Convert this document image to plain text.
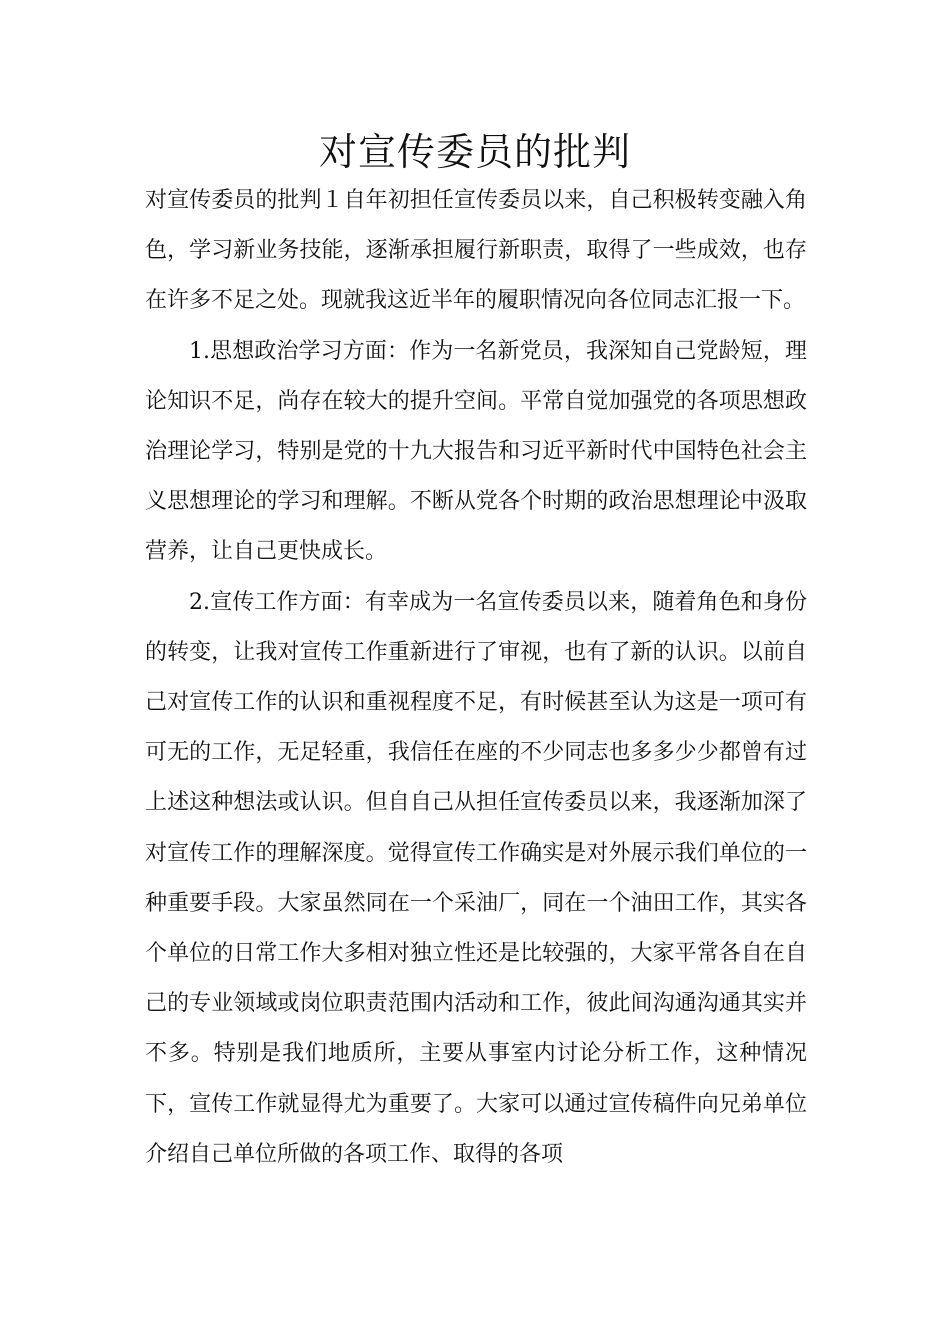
对宣传委员的批判

对宣传委员的批判１自年初担任宣传委员以来，自己积极转变融入角色，学习新业务技能，逐渐承担履行新职责，取得了一些成效，也存在许多不足之处。现就我这近半年的履职情况向各位同志汇报一下。

1.思想政治学习方面：作为一名新党员，我深知自己党龄短，理论知识不足，尚存在较大的提升空间。平常自觉加强党的各项思想政治理论学习，特别是党的十九大报告和习近平新时代中国特色社会主义思想理论的学习和理解。不断从党各个时期的政治思想理论中汲取营养，让自己更快成长。

2.宣传工作方面：有幸成为一名宣传委员以来，随着角色和身份的转变，让我对宣传工作重新进行了审视，也有了新的认识。以前自己对宣传工作的认识和重视程度不足，有时候甚至认为这是一项可有可无的工作，无足轻重，我信任在座的不少同志也多多少少都曾有过上述这种想法或认识。但自自己从担任宣传委员以来，我逐渐加深了对宣传工作的理解深度。觉得宣传工作确实是对外展示我们单位的一种重要手段。大家虽然同在一个采油厂，同在一个油田工作，其实各个单位的日常工作大多相对独立性还是比较强的，大家平常各自在自己的专业领域或岗位职责范围内活动和工作，彼此间沟通沟通其实并不多。特别是我们地质所，主要从事室内讨论分析工作，这种情况下，宣传工作就显得尤为重要了。大家可以通过宣传稿件向兄弟单位介绍自己单位所做的各项工作、取得的各项
